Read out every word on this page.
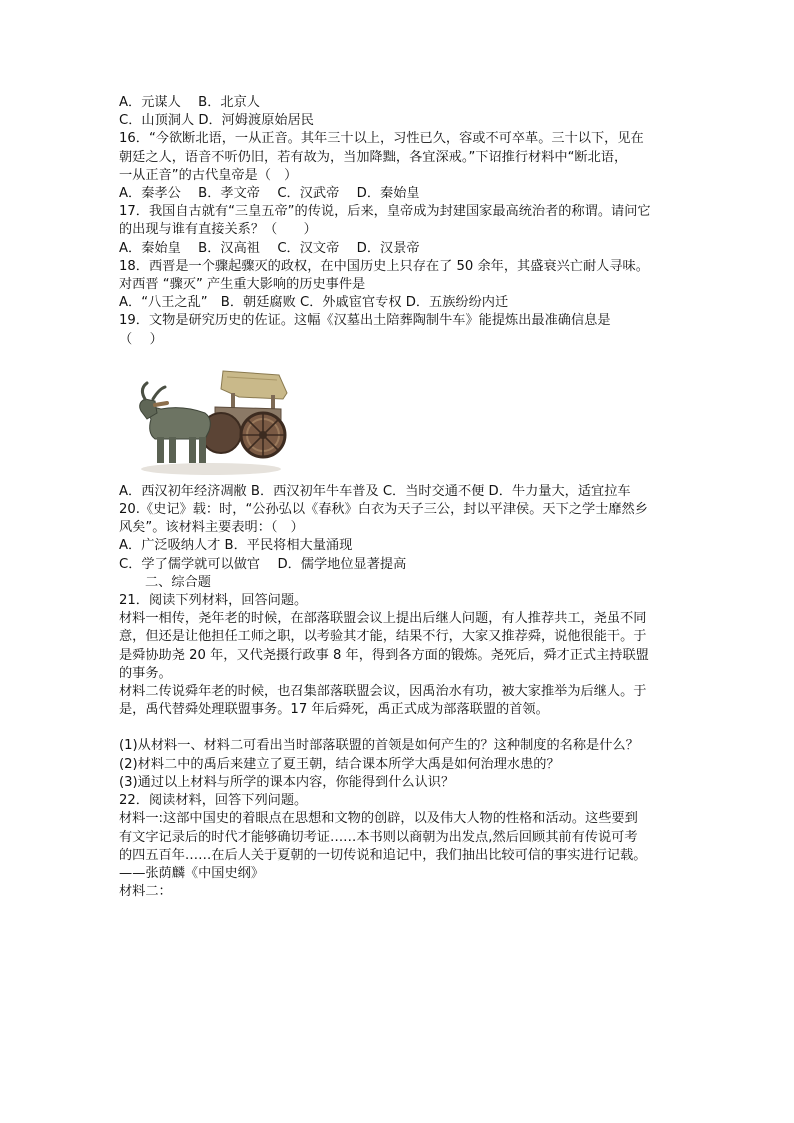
A．元谋人　 B．北京人
C．山顶洞人 D．河姆渡原始居民
16．“今欲断北语，一从正音。其年三十以上，习性已久，容或不可卒革。三十以下，见在
朝廷之人，语音不听仍旧，若有故为，当加降黜，各宜深戒。”下诏推行材料中“断北语，
一从正音”的古代皇帝是（　）
A．秦孝公　 B．孝文帝　 C．汉武帝　 D．秦始皇
17．我国自古就有“三皇五帝”的传说，后来，皇帝成为封建国家最高统治者的称谓。请问它
的出现与谁有直接关系？（　　）
A．秦始皇　 B．汉高祖　 C．汉文帝　 D．汉景帝
18．西晋是一个骤起骤灭的政权，在中国历史上只存在了 50 余年，其盛衰兴亡耐人寻味。
对西晋 “骤灭” 产生重大影响的历史事件是
A．“八王之乱”　B．朝廷腐败 C．外戚宦官专权 D．五族纷纷内迁
19．文物是研究历史的佐证。这幅《汉墓出土陪葬陶制牛车》能提炼出最准确信息是
（　 ）
A．西汉初年经济凋敝 B．西汉初年牛车普及 C．当时交通不便 D．牛力量大，适宜拉车
20.《史记》载：时，“公孙弘以《春秋》白衣为天子三公，封以平津侯。天下之学士靡然乡
风矣”。该材料主要表明：（　）
A．广泛吸纳人才 B．平民将相大量涌现
C．学了儒学就可以做官　 D．儒学地位显著提高
二、综合题
21．阅读下列材料，回答问题。
材料一相传，尧年老的时候，在部落联盟会议上提出后继人问题，有人推荐共工，尧虽不同
意，但还是让他担任工师之职，以考验其才能，结果不行，大家又推荐舜，说他很能干。于
是舜协助尧 20 年，又代尧摄行政事 8 年，得到各方面的锻炼。尧死后，舜才正式主持联盟
的事务。
材料二传说舜年老的时候，也召集部落联盟会议，因禹治水有功，被大家推举为后继人。于
是，禹代替舜处理联盟事务。17 年后舜死，禹正式成为部落联盟的首领。
(1)从材料一、材料二可看出当时部落联盟的首领是如何产生的？这种制度的名称是什么？
(2)材料二中的禹后来建立了夏王朝，结合课本所学大禹是如何治理水患的？
(3)通过以上材料与所学的课本内容，你能得到什么认识？
22．阅读材料，回答下列问题。
材料一:这部中国史的着眼点在思想和文物的创辟，以及伟大人物的性格和活动。这些要到
有文字记录后的时代才能够确切考证……本书则以商朝为出发点,然后回顾其前有传说可考
的四五百年……在后人关于夏朝的一切传说和追记中，我们抽出比较可信的事实进行记载。
——张荫麟《中国史纲》
材料二：
